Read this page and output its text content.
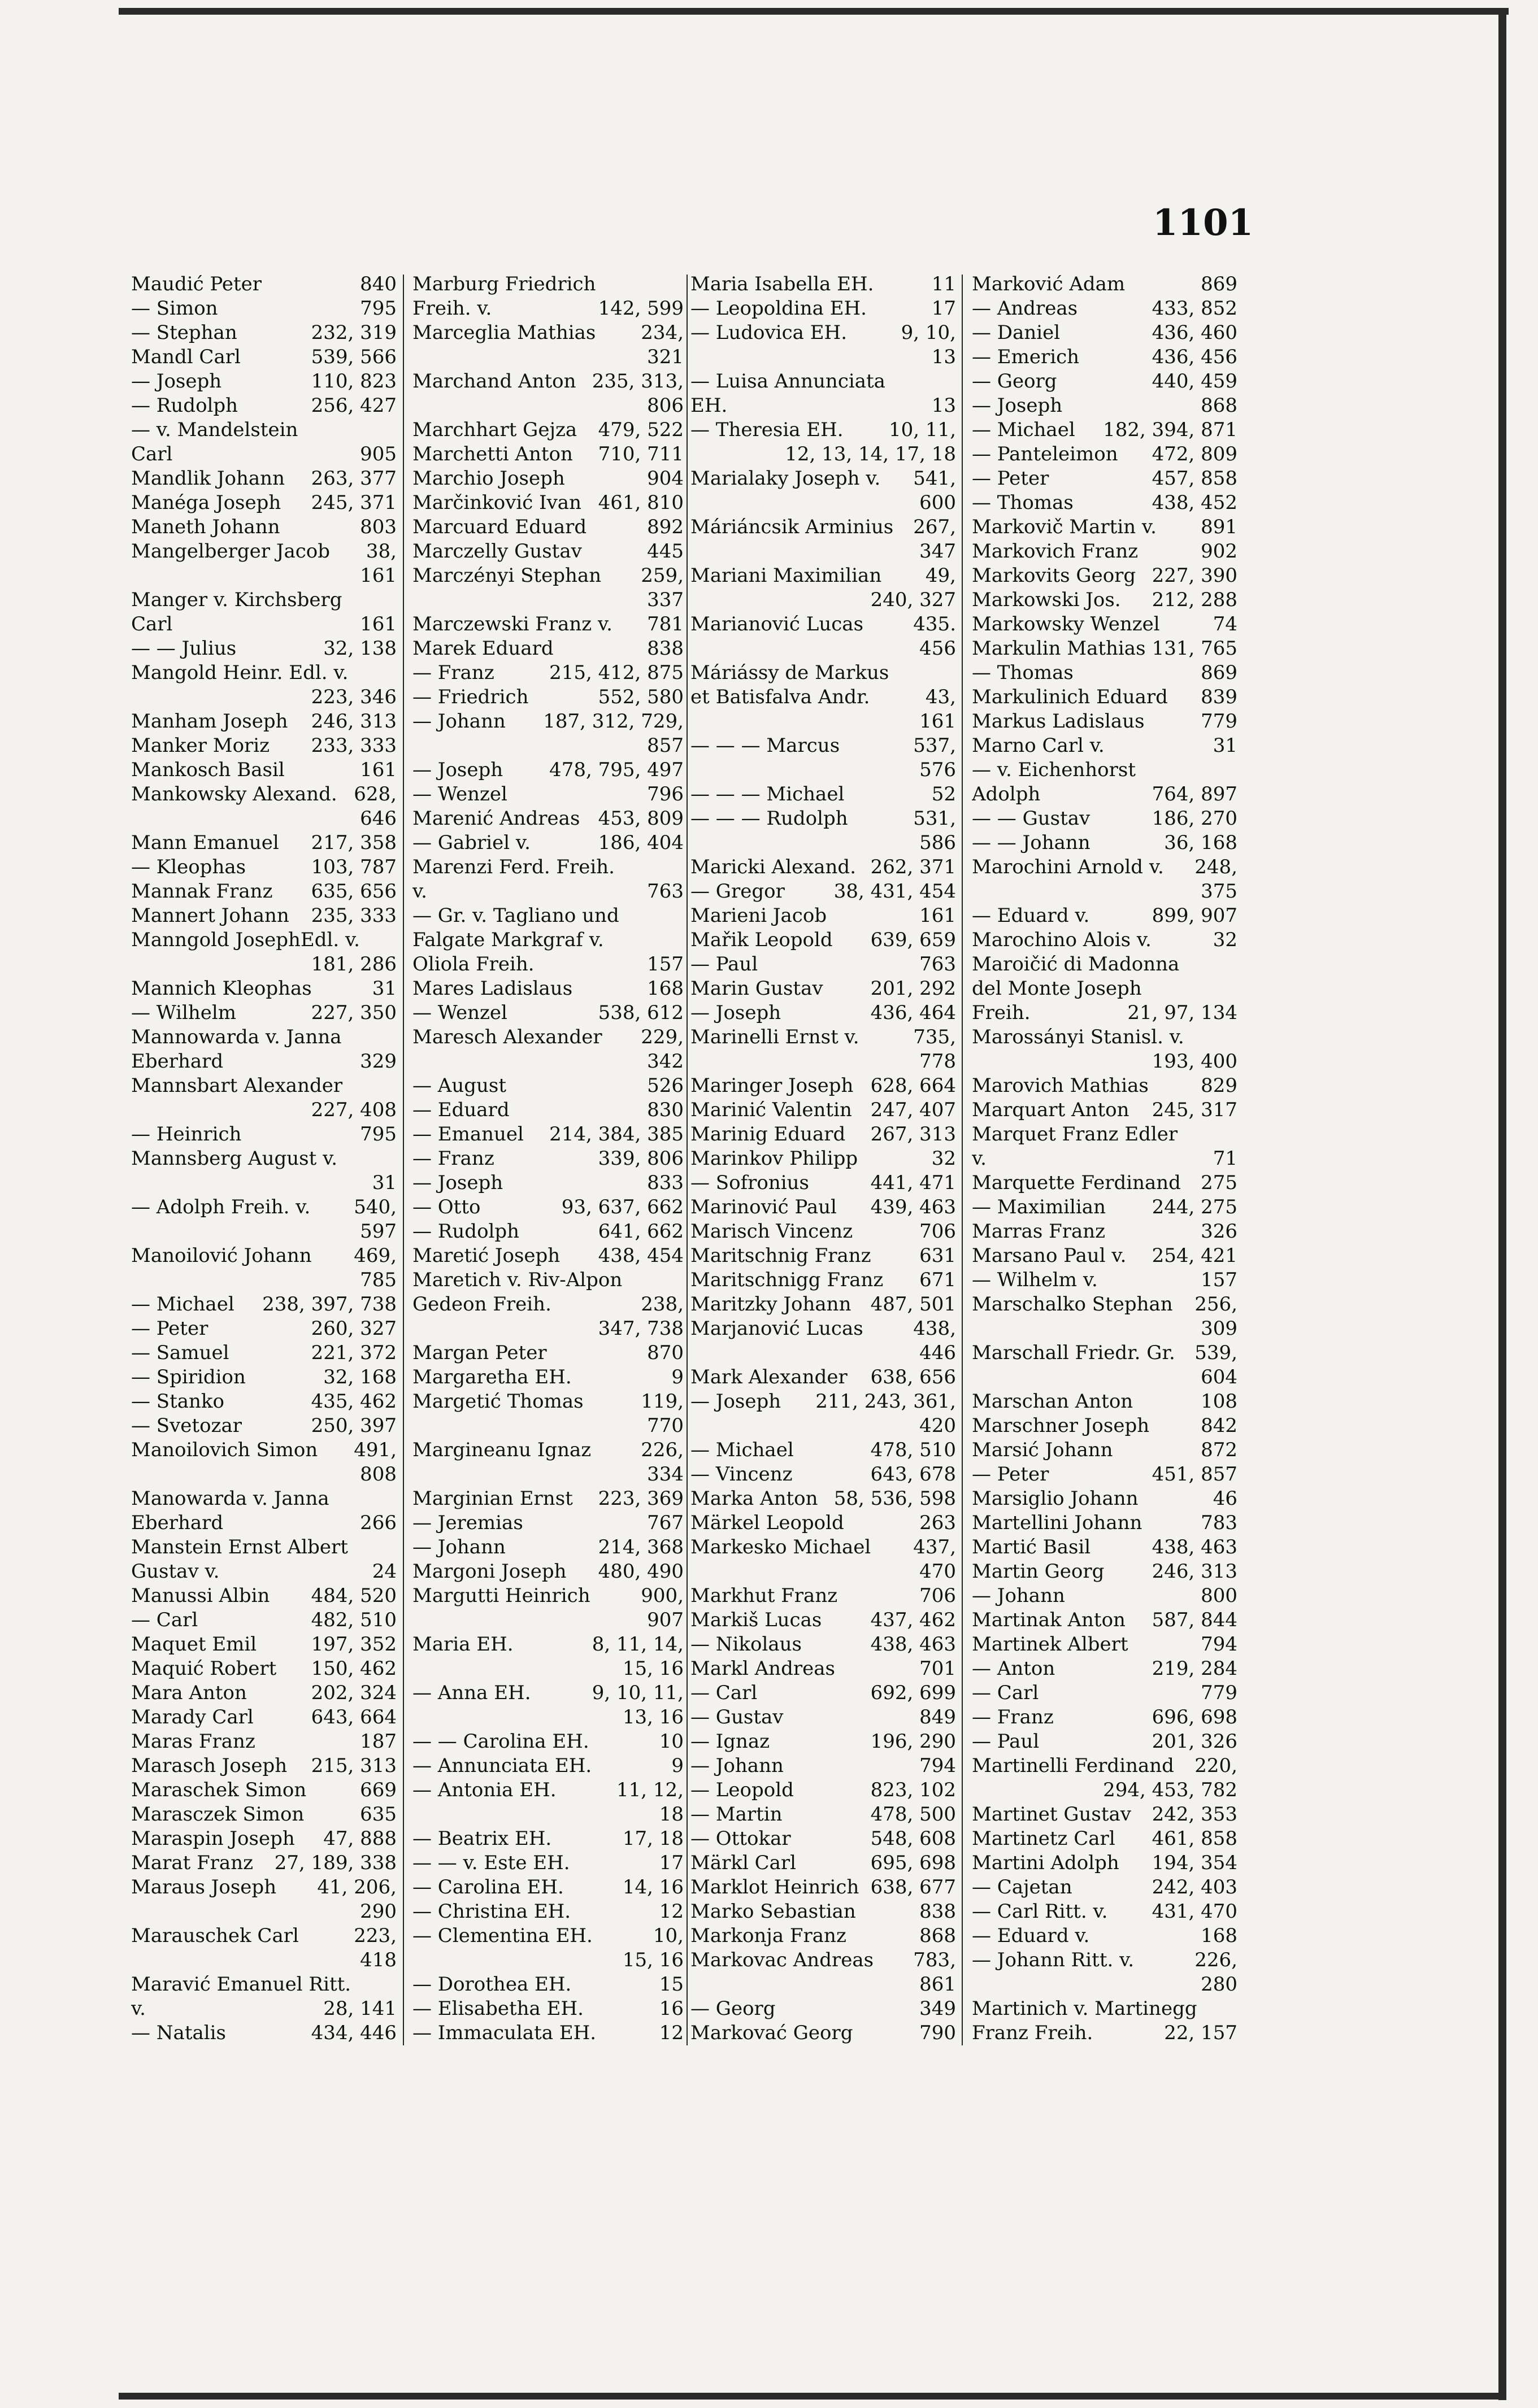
1101
Maudić Peter	840
— Simon	795
— Stephan	232, 319
Mandl Carl	539, 566
— Joseph	110, 823
— Rudolph	256, 427
— v. Mandelstein
Carl	905
Mandlik Johann	263, 377
Manéga Joseph	245, 371
Maneth Johann	803
Mangelberger Jacob	38,
161
Manger v. Kirchsberg
Carl	161
— — Julius	32, 138
Mangold Heinr. Edl. v.
223, 346
Manham Joseph	246, 313
Manker Moriz	233, 333
Mankosch Basil	161
Mankowsky Alexand. 628,
646
Mann Emanuel	217, 358
— Kleophas	103, 787
Mannak Franz	635, 656
Mannert Johann	235, 333
Manngold JosephEdl. v.
181, 286
Mannich Kleophas	31
— Wilhelm	227, 350
Mannowarda v. Janna
Eberhard	329
Mannsbart Alexander
227, 408
— Heinrich	795
Mannsberg August v.
31
— Adolph Freih. v.	540,
597
Manoilović Johann	469,
785
— Michael	238, 397, 738
— Peter	260, 327
— Samuel	221, 372
— Spiridion	32, 168
— Stanko	435, 462
— Svetozar	250, 397
Manoilovich Simon	491,
808
Manowarda v. Janna
Eberhard	266
Manstein Ernst Albert
Gustav v.	24
Manussi Albin	484, 520
— Carl	482, 510
Maquet Emil	197, 352
Maquić Robert	150, 462
Mara Anton	202, 324
Marady Carl	643, 664
Maras Franz	187
Marasch Joseph	215, 313
Maraschek Simon	669
Marasczek Simon	635
Maraspin Joseph	47, 888
Marat Franz	27, 189, 338
Maraus Joseph	41, 206,
290
Marauschek Carl	223,
418
Maravić Emanuel Ritt.
v.	28, 141
— Natalis	434, 446
Marburg Friedrich
Freih. v.	142, 599
Marceglia Mathias	234,
321
Marchand Anton 235, 313,
806
Marchhart Gejza	479, 522
Marchetti Anton	710, 711
Marchio Joseph	904
Marčinković Ivan 461, 810
Marcuard Eduard	892
Marczelly Gustav	445
Marczényi Stephan	259,
337
Marczewski Franz v.	781
Marek Eduard	838
— Franz	215, 412, 875
— Friedrich	552, 580
— Johann	187, 312, 729,
857
— Joseph	478, 795, 497
— Wenzel	796
Marenić Andreas 453, 809
— Gabriel v.	186, 404
Marenzi Ferd. Freih.
v.	763
— Gr. v. Tagliano und
Falgate Markgraf v.
Oliola Freih.	157
Mares Ladislaus	168
— Wenzel	538, 612
Maresch Alexander	229,
342
— August	526
— Eduard	830
— Emanuel	214, 384, 385
— Franz	339, 806
— Joseph	833
— Otto	93, 637, 662
— Rudolph	641, 662
Maretić Joseph	438, 454
Maretich v. Riv-Alpon
Gedeon Freih.	238,
347, 738
Margan Peter	870
Margaretha EH.	9
Margetić Thomas	119,
770
Margineanu Ignaz	226,
334
Marginian Ernst	223, 369
— Jeremias	767
— Johann	214, 368
Margoni Joseph	480, 490
Margutti Heinrich	900,
907
Maria EH.	8, 11, 14,
15, 16
— Anna EH.	9, 10, 11,
13, 16
— — Carolina EH.	10
— Annunciata EH.	9
— Antonia EH.	11, 12,
18
— Beatrix EH.	17, 18
— — v. Este EH.	17
— Carolina EH.	14, 16
— Christina EH.	12
— Clementina EH.	10,
15, 16
— Dorothea EH.	15
— Elisabetha EH.	16
— Immaculata EH.	12
Maria Isabella EH.	11
— Leopoldina EH.	17
— Ludovica EH.	9, 10,
13
— Luisa Annunciata
EH.	13
— Theresia EH.	10, 11,
12, 13, 14, 17, 18
Marialaky Joseph v.	541,
600
Máriáncsik Arminius	267,
347
Mariani Maximilian	49,
240, 327
Marianović Lucas	435.
456
Máriássy de Markus
et Batisfalva Andr.	43,
161
— — — Marcus	537,
576
— — — Michael	52
— — — Rudolph	531,
586
Maricki Alexand. 262, 371
— Gregor	38, 431, 454
Marieni Jacob	161
Mařik Leopold	639, 659
— Paul	763
Marin Gustav	201, 292
— Joseph	436, 464
Marinelli Ernst v.	735,
778
Maringer Joseph 628, 664
Marinić Valentin 247, 407
Marinig Eduard	267, 313
Marinkov Philipp	32
— Sofronius	441, 471
Marinović Paul	439, 463
Marisch Vincenz	706
Maritschnig Franz	631
Maritschnigg Franz	671
Maritzky Johann	487, 501
Marjanović Lucas	438,
446
Mark Alexander	638, 656
— Joseph	211, 243, 361,
420
— Michael	478, 510
— Vincenz	643, 678
Marka Anton 58, 536, 598
Märkel Leopold	263
Markesko Michael	437,
470
Markhut Franz	706
Markiš Lucas	437, 462
— Nikolaus	438, 463
Markl Andreas	701
— Carl	692, 699
— Gustav	849
— Ignaz	196, 290
— Johann	794
— Leopold	823, 102
— Martin	478, 500
— Ottokar	548, 608
Märkl Carl	695, 698
Marklot Heinrich 638, 677
Marko Sebastian	838
Markonja Franz	868
Markovac Andreas	783,
861
— Georg	349
Markovać Georg	790
Marković Adam	869
— Andreas	433, 852
— Daniel	436, 460
— Emerich	436, 456
— Georg	440, 459
— Joseph	868
— Michael	182, 394, 871
— Panteleimon	472, 809
— Peter	457, 858
— Thomas	438, 452
Markovič Martin v.	891
Markovich Franz	902
Markovits Georg 227, 390
Markowski Jos.	212, 288
Markowsky Wenzel	74
Markulin Mathias 131, 765
— Thomas	869
Markulinich Eduard	839
Markus Ladislaus	779
Marno Carl v.	31
— v. Eichenhorst
Adolph	764, 897
— — Gustav	186, 270
— — Johann	36, 168
Marochini Arnold v.	248,
375
— Eduard v.	899, 907
Marochino Alois v.	32
Maroičić di Madonna
del Monte Joseph
Freih.	21, 97, 134
Marossányi Stanisl. v.
193, 400
Marovich Mathias	829
Marquart Anton	245, 317
Marquet Franz Edler
v.	71
Marquette Ferdinand	275
— Maximilian	244, 275
Marras Franz	326
Marsano Paul v.	254, 421
— Wilhelm v.	157
Marschalko Stephan	256,
309
Marschall Friedr. Gr.	539,
604
Marschan Anton	108
Marschner Joseph	842
Marsić Johann	872
— Peter	451, 857
Marsiglio Johann	46
Martellini Johann	783
Martić Basil	438, 463
Martin Georg	246, 313
— Johann	800
Martinak Anton	587, 844
Martinek Albert	794
— Anton	219, 284
— Carl	779
— Franz	696, 698
— Paul	201, 326
Martinelli Ferdinand	220,
294, 453, 782
Martinet Gustav	242, 353
Martinetz Carl	461, 858
Martini Adolph	194, 354
— Cajetan	242, 403
— Carl Ritt. v.	431, 470
— Eduard v.	168
— Johann Ritt. v.	226,
280
Martinich v. Martinegg
Franz Freih.	22, 157
